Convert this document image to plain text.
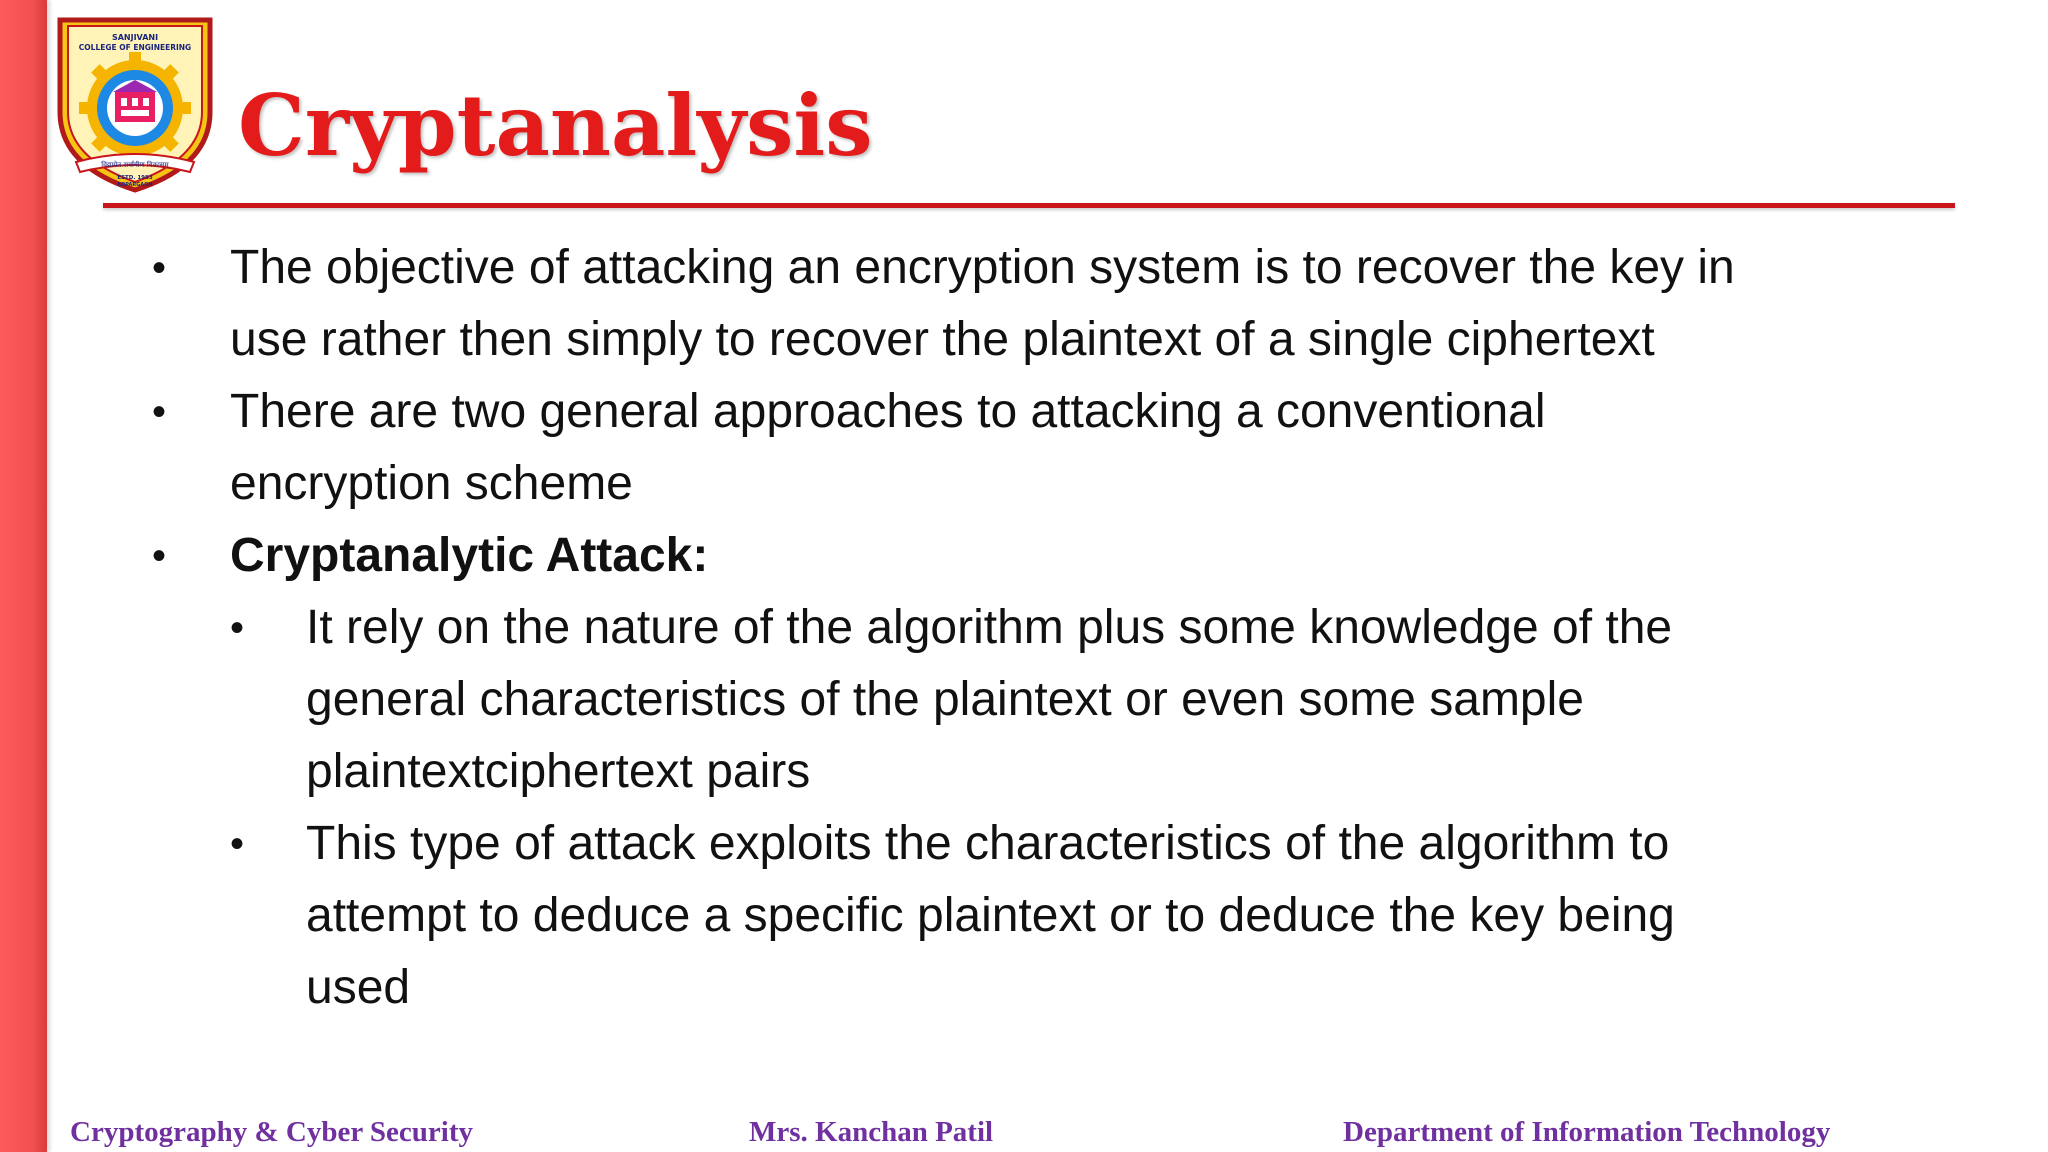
SANJIVANI
COLLEGE OF ENGINEERING
विद्यायेन सर्वांगीण विकासम्
ESTD. 1983
KOPARGAON
Cryptanalysis
• The objective of attacking an encryption system is to recover the key in
use rather then simply to recover the plaintext of a single ciphertext
• There are two general approaches to attacking a conventional
encryption scheme
• Cryptanalytic Attack:
• It rely on the nature of the algorithm plus some knowledge of the
general characteristics of the plaintext or even some sample
plaintextciphertext pairs
• This type of attack exploits the characteristics of the algorithm to
attempt to deduce a specific plaintext or to deduce the key being
used
Cryptography & Cyber Security	Mrs. Kanchan Patil	Department of Information Technology
